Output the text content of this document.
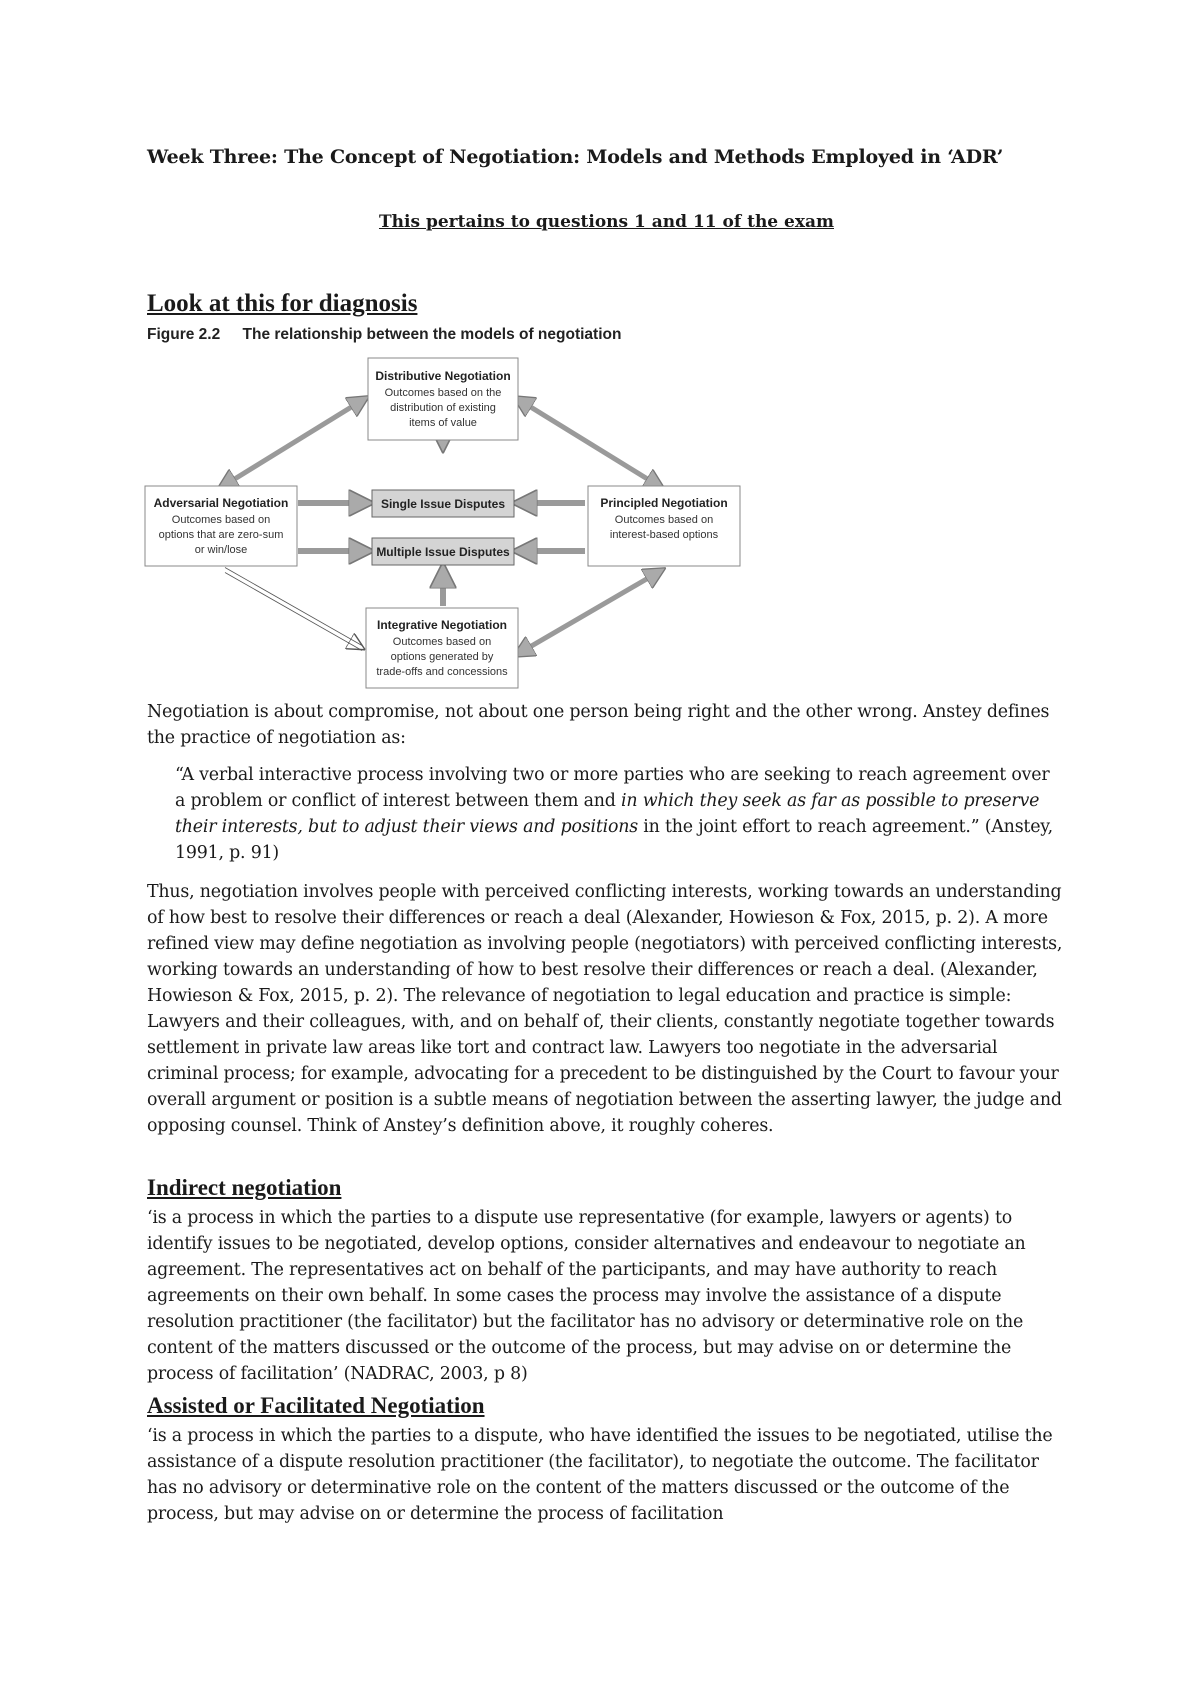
Week Three: The Concept of Negotiation: Models and Methods Employed in ‘ADR’
This pertains to questions 1 and 11 of the exam
Look at this for diagnosis
Figure 2.2 The relationship between the models of negotiation
Distributive Negotiation
Outcomes based on the
distribution of existing
items of value
Adversarial Negotiation
Outcomes based on
options that are zero-sum
or win/lose
Principled Negotiation
Outcomes based on
interest-based options
Single Issue Disputes
Multiple Issue Disputes
Integrative Negotiation
Outcomes based on
options generated by
trade-offs and concessions
Negotiation is about compromise, not about one person being right and the other wrong. Anstey defines the practice of negotiation as:
“A verbal interactive process involving two or more parties who are seeking to reach agreement over a problem or conflict of interest between them and in which they seek as far as possible to preserve their interests, but to adjust their views and positions in the joint effort to reach agreement.” (Anstey, 1991, p. 91)
Thus, negotiation involves people with perceived conflicting interests, working towards an understanding of how best to resolve their differences or reach a deal (Alexander, Howieson & Fox, 2015, p. 2). A more refined view may define negotiation as involving people (negotiators) with perceived conflicting interests, working towards an understanding of how to best resolve their differences or reach a deal. (Alexander, Howieson & Fox, 2015, p. 2). The relevance of negotiation to legal education and practice is simple: Lawyers and their colleagues, with, and on behalf of, their clients, constantly negotiate together towards settlement in private law areas like tort and contract law. Lawyers too negotiate in the adversarial criminal process; for example, advocating for a precedent to be distinguished by the Court to favour your overall argument or position is a subtle means of negotiation between the asserting lawyer, the judge and opposing counsel. Think of Anstey’s definition above, it roughly coheres.
Indirect negotiation
‘is a process in which the parties to a dispute use representative (for example, lawyers or agents) to identify issues to be negotiated, develop options, consider alternatives and endeavour to negotiate an agreement. The representatives act on behalf of the participants, and may have authority to reach agreements on their own behalf. In some cases the process may involve the assistance of a dispute resolution practitioner (the facilitator) but the facilitator has no advisory or determinative role on the content of the matters discussed or the outcome of the process, but may advise on or determine the process of facilitation’ (NADRAC, 2003, p 8)
Assisted or Facilitated Negotiation
‘is a process in which the parties to a dispute, who have identified the issues to be negotiated, utilise the assistance of a dispute resolution practitioner (the facilitator), to negotiate the outcome. The facilitator has no advisory or determinative role on the content of the matters discussed or the outcome of the process, but may advise on or determine the process of facilitation
